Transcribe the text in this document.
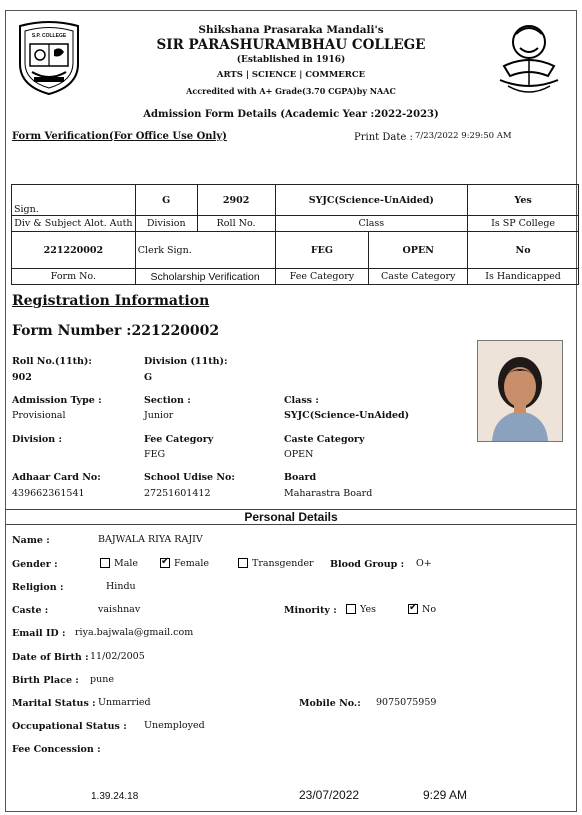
S.P. COLLEGE	Shikshana Prasaraka Mandali's
SIR PARASHURAMBHAU COLLEGE
(Established in 1916)
ARTS | SCIENCE | COMMERCE
Accredited with A+ Grade(3.70 CGPA)by NAAC
Admission Form Details (Academic Year :2022-2023)
Form Verification(For Office Use Only)	Print Date : 7/23/2022 9:29:50 AM
Sign.	G	2902	SYJC(Science-UnAided)		Yes
Div & Subject Alot. Auth	Division	Roll No.	Class		Is SP College
221220002	Clerk Sign.		FEG	OPEN	No
Form No.	Scholarship Verification		Fee Category	Caste Category	Is Handicapped
Registration Information
Form Number :221220002
Roll No.(11th):
902
Division (11th):
G
Admission Type :
Provisional
Section :
Junior
Class :
SYJC(Science-UnAided)
Division :	Fee Category
FEG
Caste Category
OPEN
Adhaar Card No:
439662361541
School Udise No:
27251601412
Board
Maharastra Board
Personal Details
Name :	BAJWALA RIYA RAJIV
Gender :	Male ✔	Female	Transgender Blood Group : O+
Religion :	Hindu
Caste :	vaishnav	Minority :	Yes ✔	No
Email ID : riya.bajwala@gmail.com
Date of Birth : 11/02/2005
Birth Place : pune
Marital Status : Unmarried	Mobile No.: 9075075959
Occupational Status : Unemployed
Fee Concession :
1.39.24.18	23/07/2022	9:29 AM
